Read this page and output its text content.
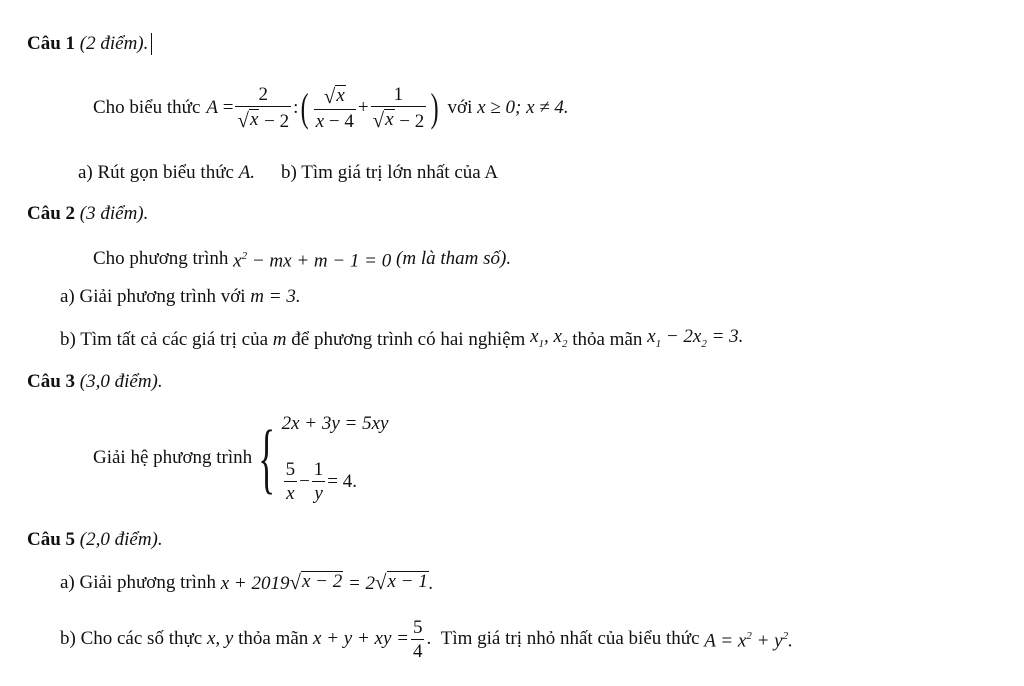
Câu 1
(2 điểm).
Cho biểu thức $A = \frac{2}{√ x - 2}$ : ( $\frac{√ x}{x - 4} + \frac{1}{√ x - 2}$ ) với
x ≥ 0; x ≠ 4.
a) Rút gọn biểu thức
A. b) Tìm giá trị lớn nhất của A
Câu 2
(3 điểm).
Cho phương trình
$x^2$ − mx + m − 1 = 0
(m là tham số).
a) Giải phương trình với
m = 3.
b) Tìm tất cả các giá trị của
m
để phương trình có hai nghiệm
$x_1$, $x_2$
thỏa mãn
$x_1 - 2x_2 = 3$.
Câu 3
(3,0 điểm).
Giải hệ phương trình { 2x + 3y = 5xy
$\frac{5}{x} - \frac{1}{y} = 4$.
Câu 5
(2,0 điểm).
a) Giải phương trình
x + 2019 √ x − 2 = 2 √ x − 1 .
b) Cho các số thực
x, y
thỏa mãn
x + y + xy = $\frac{5}{4}$ . Tìm giá trị nhỏ nhất của biểu thức
$A = x^2 + y^2$.
